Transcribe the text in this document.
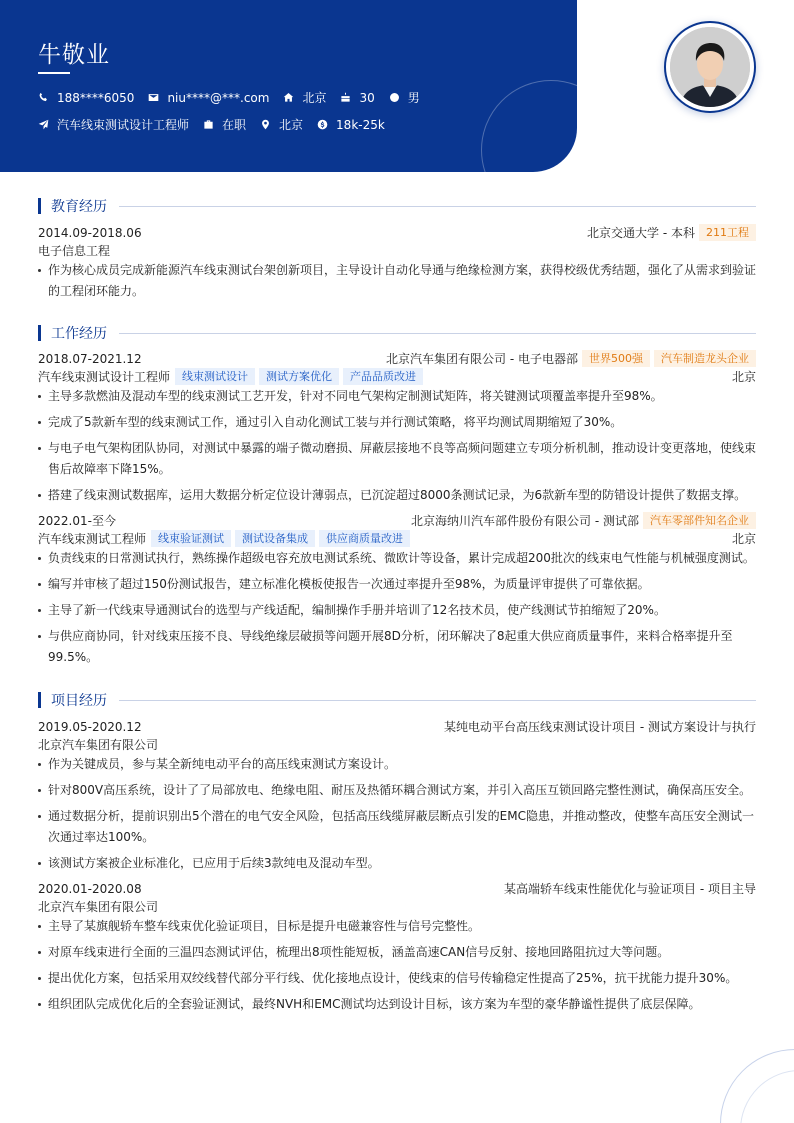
牛敬业
188****6050	niu****@***.com	北京	30	男
汽车线束测试设计工程师	在职	北京	18k-25k
教育经历
2014.09-2018.06	北京交通大学 - 本科	211工程
电子信息工程
作为核心成员完成新能源汽车线束测试台架创新项目，主导设计自动化导通与绝缘检测方案，获得校级优秀结题，强化了从需求到验证的工程闭环能力。
工作经历
2018.07-2021.12	北京汽车集团有限公司 - 电子电器部	世界500强	汽车制造龙头企业
汽车线束测试设计工程师	线束测试设计	测试方案优化	产品品质改进	北京
主导多款燃油及混动车型的线束测试工艺开发，针对不同电气架构定制测试矩阵，将关键测试项覆盖率提升至98%。
完成了5款新车型的线束测试工作，通过引入自动化测试工装与并行测试策略，将平均测试周期缩短了30%。
与电子电气架构团队协同，对测试中暴露的端子微动磨损、屏蔽层接地不良等高频问题建立专项分析机制，推动设计变更落地，使线束售后故障率下降15%。
搭建了线束测试数据库，运用大数据分析定位设计薄弱点，已沉淀超过8000条测试记录，为6款新车型的防错设计提供了数据支撑。
2022.01-至今	北京海纳川汽车部件股份有限公司 - 测试部	汽车零部件知名企业
汽车线束测试工程师	线束验证测试	测试设备集成	供应商质量改进	北京
负责线束的日常测试执行，熟练操作超级电容充放电测试系统、微欧计等设备，累计完成超200批次的线束电气性能与机械强度测试。
编写并审核了超过150份测试报告，建立标准化模板使报告一次通过率提升至98%，为质量评审提供了可靠依据。
主导了新一代线束导通测试台的选型与产线适配，编制操作手册并培训了12名技术员，使产线测试节拍缩短了20%。
与供应商协同，针对线束压接不良、导线绝缘层破损等问题开展8D分析，闭环解决了8起重大供应商质量事件，来料合格率提升至99.5%。
项目经历
2019.05-2020.12	某纯电动平台高压线束测试设计项目 - 测试方案设计与执行
北京汽车集团有限公司
作为关键成员，参与某全新纯电动平台的高压线束测试方案设计。
针对800V高压系统，设计了了局部放电、绝缘电阻、耐压及热循环耦合测试方案，并引入高压互锁回路完整性测试，确保高压安全。
通过数据分析，提前识别出5个潜在的电气安全风险，包括高压线缆屏蔽层断点引发的EMC隐患，并推动整改，使整车高压安全测试一次通过率达100%。
该测试方案被企业标准化，已应用于后续3款纯电及混动车型。
2020.01-2020.08	某高端轿车线束性能优化与验证项目 - 项目主导
北京汽车集团有限公司
主导了某旗舰轿车整车线束优化验证项目，目标是提升电磁兼容性与信号完整性。
对原车线束进行全面的三温四态测试评估，梳理出8项性能短板，涵盖高速CAN信号反射、接地回路阻抗过大等问题。
提出优化方案，包括采用双绞线替代部分平行线、优化接地点设计，使线束的信号传输稳定性提高了25%，抗干扰能力提升30%。
组织团队完成优化后的全套验证测试，最终NVH和EMC测试均达到设计目标，该方案为车型的豪华静谧性提供了底层保障。
